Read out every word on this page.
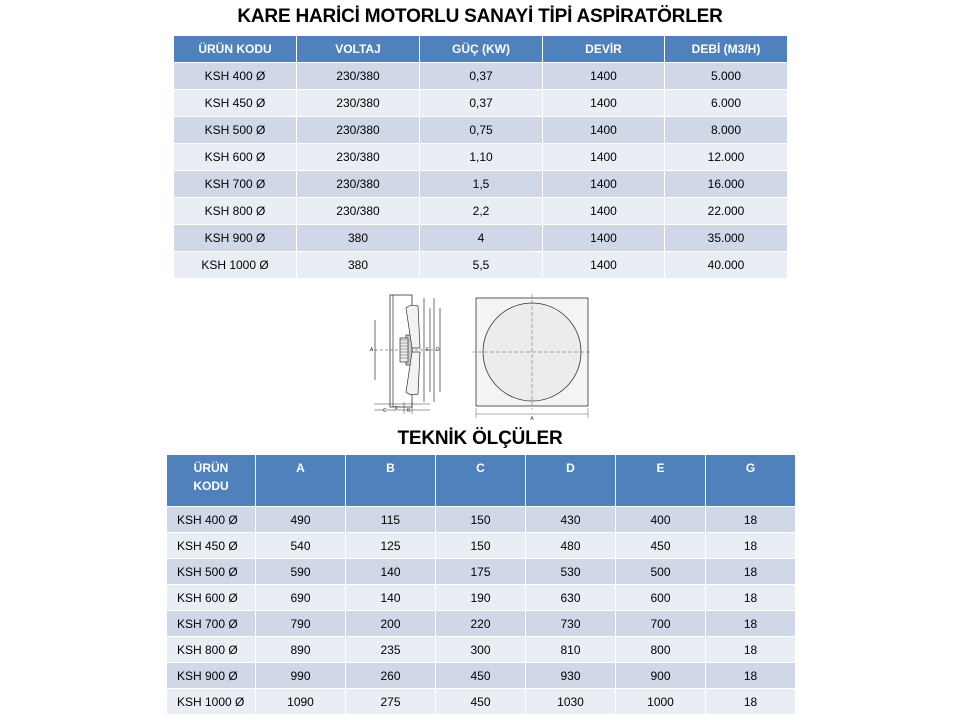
KARE HARİCİ MOTORLU SANAYİ TİPİ ASPİRATÖRLER
ÜRÜN KODU	VOLTAJ	GÜÇ (KW)	DEVİR	DEBİ (M3/H)
KSH 400 Ø	230/380	0,37	1400	5.000
KSH 450 Ø	230/380	0,37	1400	6.000
KSH 500 Ø	230/380	0,75	1400	8.000
KSH 600 Ø	230/380	1,10	1400	12.000
KSH 700 Ø	230/380	1,5	1400	16.000
KSH 800 Ø	230/380	2,2	1400	22.000
KSH 900 Ø	380	4	1400	35.000
KSH 1000 Ø	380	5,5	1400	40.000
A	E D
C F B
A
TEKNİK ÖLÇÜLER
ÜRÜN
KODU	A	B	C	D	E	G
KSH 400 Ø	490	115	150	430	400	18
KSH 450 Ø	540	125	150	480	450	18
KSH 500 Ø	590	140	175	530	500	18
KSH 600 Ø	690	140	190	630	600	18
KSH 700 Ø	790	200	220	730	700	18
KSH 800 Ø	890	235	300	810	800	18
KSH 900 Ø	990	260	450	930	900	18
KSH 1000 Ø	1090	275	450	1030	1000	18
